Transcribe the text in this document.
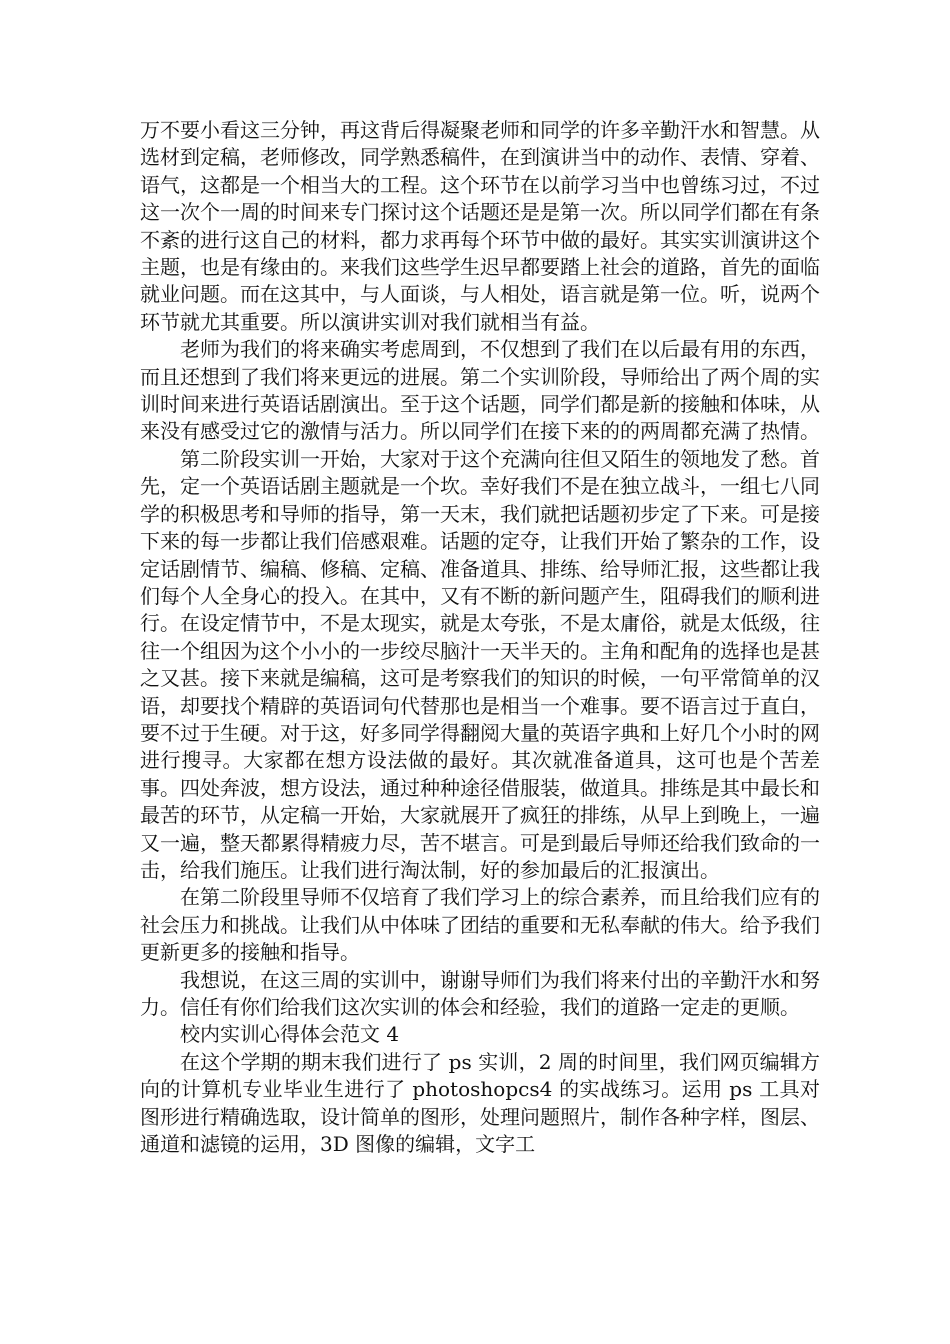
万不要小看这三分钟，再这背后得凝聚老师和同学的许多辛勤汗水和智慧。从选材到定稿，老师修改，同学熟悉稿件，在到演讲当中的动作、表情、穿着、语气，这都是一个相当大的工程。这个环节在以前学习当中也曾练习过，不过这一次个一周的时间来专门探讨这个话题还是是第一次。所以同学们都在有条不紊的进行这自己的材料，都力求再每个环节中做的最好。其实实训演讲这个主题，也是有缘由的。来我们这些学生迟早都要踏上社会的道路，首先的面临就业问题。而在这其中，与人面谈，与人相处，语言就是第一位。听，说两个环节就尤其重要。所以演讲实训对我们就相当有益。

老师为我们的将来确实考虑周到，不仅想到了我们在以后最有用的东西，而且还想到了我们将来更远的进展。第二个实训阶段，导师给出了两个周的实训时间来进行英语话剧演出。至于这个话题，同学们都是新的接触和体味，从来没有感受过它的激情与活力。所以同学们在接下来的的两周都充满了热情。

第二阶段实训一开始，大家对于这个充满向往但又陌生的领地发了愁。首先，定一个英语话剧主题就是一个坎。幸好我们不是在独立战斗，一组七八同学的积极思考和导师的指导，第一天末，我们就把话题初步定了下来。可是接下来的每一步都让我们倍感艰难。话题的定夺，让我们开始了繁杂的工作，设定话剧情节、编稿、修稿、定稿、准备道具、排练、给导师汇报，这些都让我们每个人全身心的投入。在其中，又有不断的新问题产生，阻碍我们的顺利进行。在设定情节中，不是太现实，就是太夸张，不是太庸俗，就是太低级，往往一个组因为这个小小的一步绞尽脑汁一天半天的。主角和配角的选择也是甚之又甚。接下来就是编稿，这可是考察我们的知识的时候，一句平常简单的汉语，却要找个精辟的英语词句代替那也是相当一个难事。要不语言过于直白，要不过于生硬。对于这，好多同学得翻阅大量的英语字典和上好几个小时的网进行搜寻。大家都在想方设法做的最好。其次就准备道具，这可也是个苦差事。四处奔波，想方设法，通过种种途径借服装，做道具。排练是其中最长和最苦的环节，从定稿一开始，大家就展开了疯狂的排练，从早上到晚上，一遍又一遍，整天都累得精疲力尽，苦不堪言。可是到最后导师还给我们致命的一击，给我们施压。让我们进行淘汰制，好的参加最后的汇报演出。

在第二阶段里导师不仅培育了我们学习上的综合素养，而且给我们应有的社会压力和挑战。让我们从中体味了团结的重要和无私奉献的伟大。给予我们更新更多的接触和指导。

我想说，在这三周的实训中，谢谢导师们为我们将来付出的辛勤汗水和努力。信任有你们给我们这次实训的体会和经验，我们的道路一定走的更顺。

校内实训心得体会范文 4

在这个学期的期末我们进行了 ps 实训，2 周的时间里，我们网页编辑方向的计算机专业毕业生进行了 photoshopcs4 的实战练习。运用 ps 工具对图形进行精确选取，设计简单的图形，处理问题照片，制作各种字样，图层、通道和滤镜的运用，3D 图像的编辑，文字工
